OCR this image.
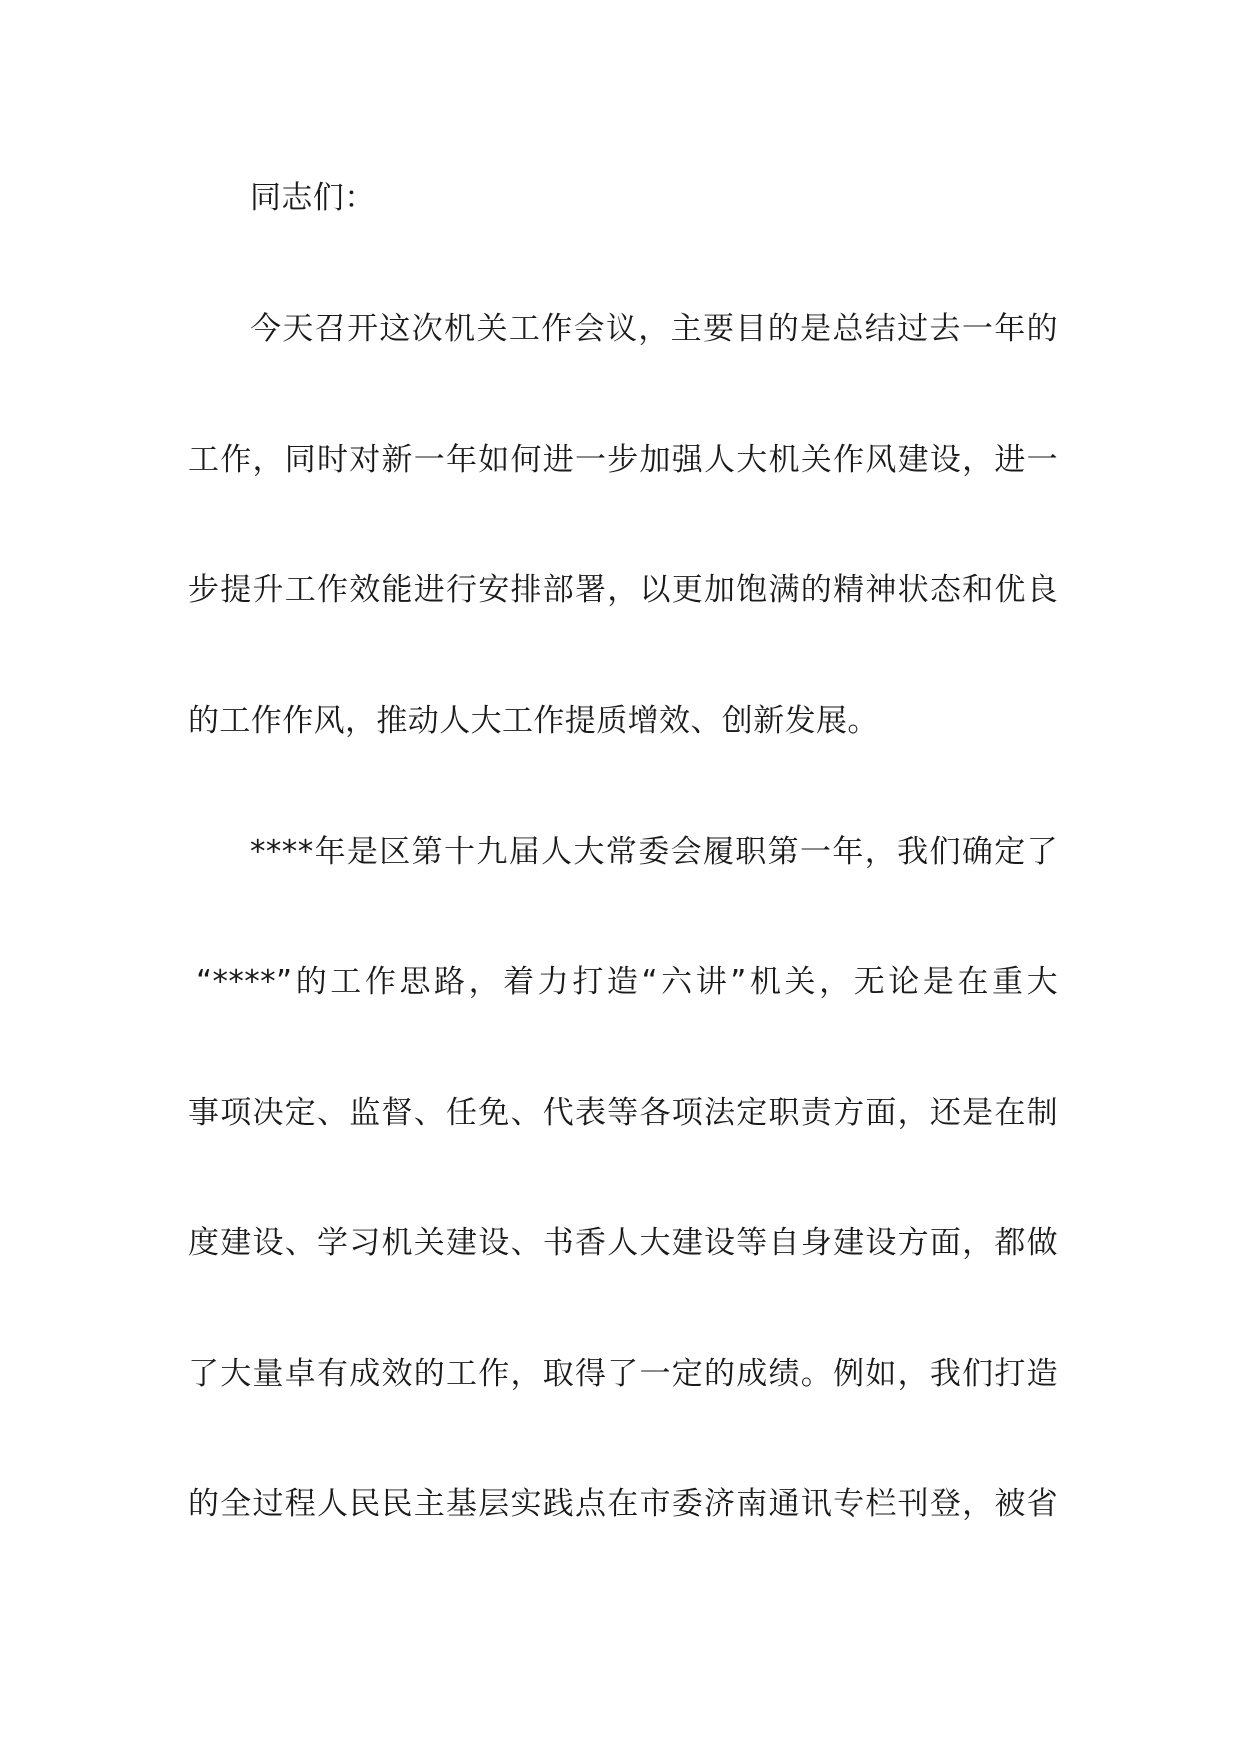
同志们：
今天召开这次机关工作会议，主要目的是总结过去一年的
工作，同时对新一年如何进一步加强人大机关作风建设，进一
步提升工作效能进行安排部署，以更加饱满的精神状态和优良
的工作作风，推动人大工作提质增效、创新发展。
****年是区第十九届人大常委会履职第一年，我们确定了
“****”的工作思路，着力打造“六讲”机关，无论是在重大
事项决定、监督、任免、代表等各项法定职责方面，还是在制
度建设、学习机关建设、书香人大建设等自身建设方面，都做
了大量卓有成效的工作，取得了一定的成绩。例如，我们打造
的全过程人民民主基层实践点在市委济南通讯专栏刊登，被省
